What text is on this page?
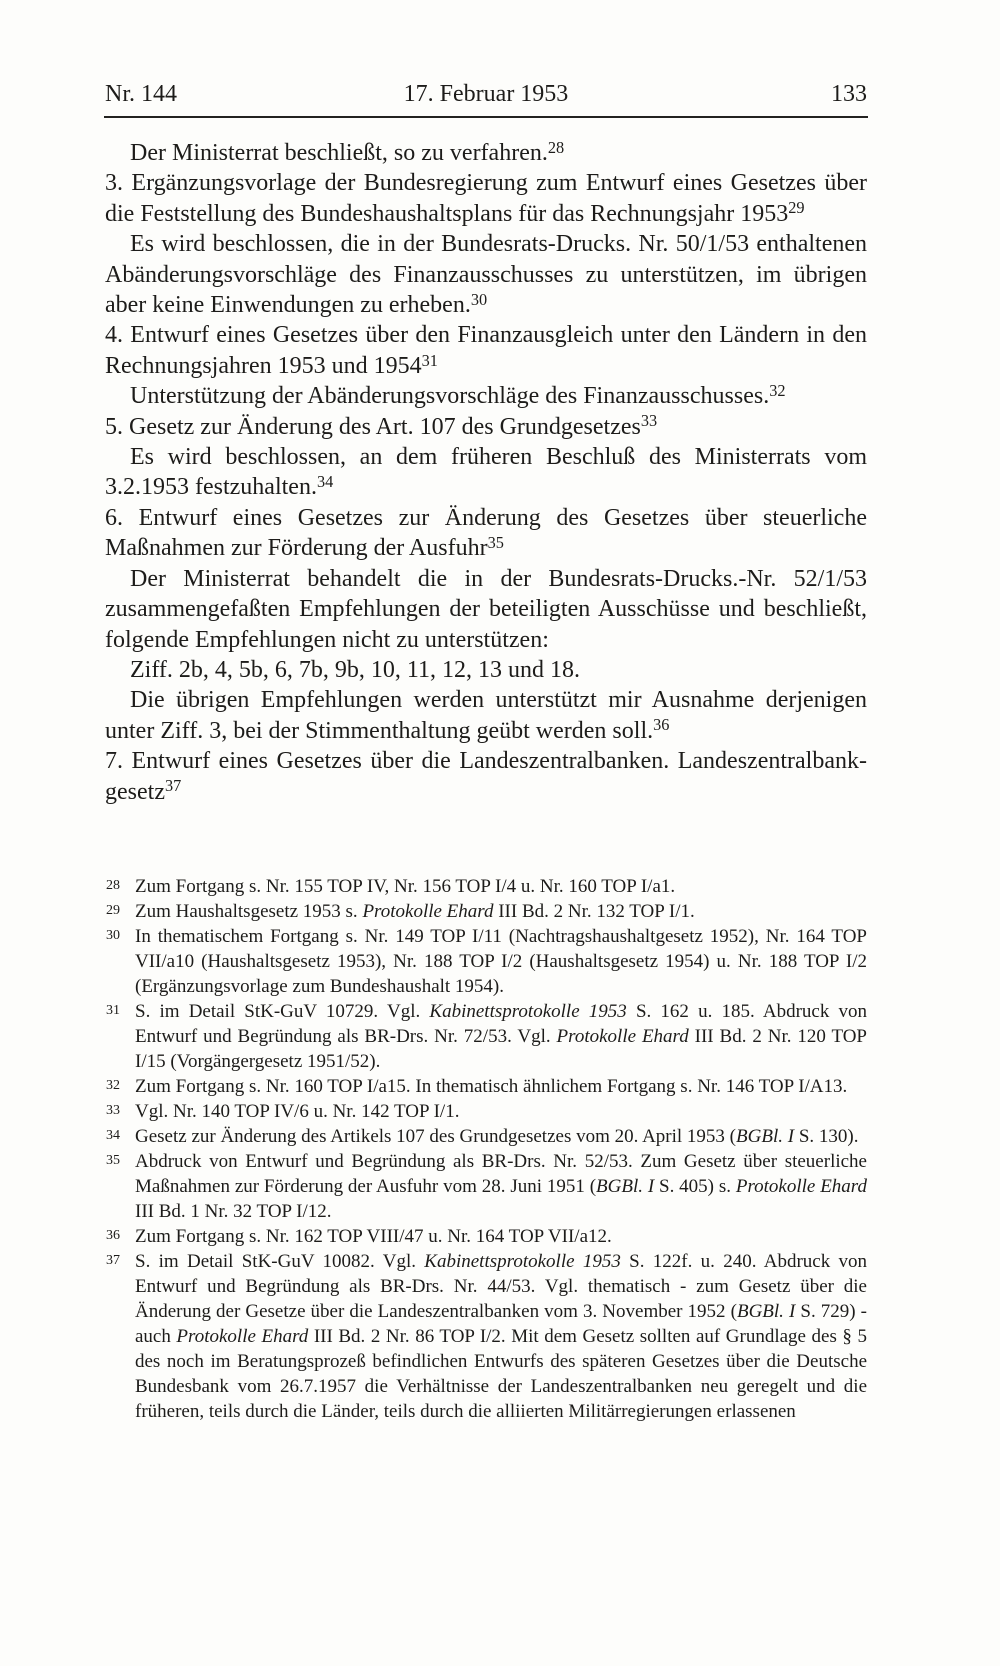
Nr. 144	17. Februar 1953	133

Der Ministerrat beschließt, so zu verfahren.$^{28}$

3. Ergänzungsvorlage der Bundesregierung zum Entwurf eines Gesetzes über die Feststellung des Bundeshaushaltsplans für das Rechnungsjahr 1953$^{29}$

Es wird beschlossen, die in der Bundesrats-Drucks. Nr. 50/1/53 enthaltenen Abänderungsvorschläge des Finanzausschusses zu unterstützen, im übrigen aber keine Einwendungen zu erheben.$^{30}$

4. Entwurf eines Gesetzes über den Finanzausgleich unter den Ländern in den Rechnungsjahren 1953 und 1954$^{31}$

Unterstützung der Abänderungsvorschläge des Finanzausschusses.$^{32}$

5. Gesetz zur Änderung des Art. 107 des Grundgesetzes$^{33}$

Es wird beschlossen, an dem früheren Beschluß des Ministerrats vom 3.2.1953 festzuhalten.$^{34}$

6. Entwurf eines Gesetzes zur Änderung des Gesetzes über steuerliche Maßnahmen zur Förderung der Ausfuhr$^{35}$

Der Ministerrat behandelt die in der Bundesrats-Drucks.-Nr. 52/1/53 zusammengefaßten Empfehlungen der beteiligten Ausschüsse und beschließt, folgende Empfehlungen nicht zu unterstützen:

Ziff. 2b, 4, 5b, 6, 7b, 9b, 10, 11, 12, 13 und 18.

Die übrigen Empfehlungen werden unterstützt mir Ausnahme derjenigen unter Ziff. 3, bei der Stimmenthaltung geübt werden soll.$^{36}$

7. Entwurf eines Gesetzes über die Landeszentralbanken. Landeszentralbankgesetz$^{37}$

28 Zum Fortgang s. Nr. 155 TOP IV, Nr. 156 TOP I/4 u. Nr. 160 TOP I/a1.
29 Zum Haushaltsgesetz 1953 s. Protokolle Ehard III Bd. 2 Nr. 132 TOP I/1.
30 In thematischem Fortgang s. Nr. 149 TOP I/11 (Nachtragshaushaltgesetz 1952), Nr. 164 TOP VII/a10 (Haushaltsgesetz 1953), Nr. 188 TOP I/2 (Haushaltsgesetz 1954) u. Nr. 188 TOP I/2 (Ergänzungsvorlage zum Bundeshaushalt 1954).
31 S. im Detail StK-GuV 10729. Vgl. Kabinettsprotokolle 1953 S. 162 u. 185. Abdruck von Entwurf und Begründung als BR-Drs. Nr. 72/53. Vgl. Protokolle Ehard III Bd. 2 Nr. 120 TOP I/15 (Vorgängergesetz 1951/52).
32 Zum Fortgang s. Nr. 160 TOP I/a15. In thematisch ähnlichem Fortgang s. Nr. 146 TOP I/A13.
33 Vgl. Nr. 140 TOP IV/6 u. Nr. 142 TOP I/1.
34 Gesetz zur Änderung des Artikels 107 des Grundgesetzes vom 20. April 1953 (BGBl. I S. 130).
35 Abdruck von Entwurf und Begründung als BR-Drs. Nr. 52/53. Zum Gesetz über steuerliche Maßnahmen zur Förderung der Ausfuhr vom 28. Juni 1951 (BGBl. I S. 405) s. Protokolle Ehard III Bd. 1 Nr. 32 TOP I/12.
36 Zum Fortgang s. Nr. 162 TOP VIII/47 u. Nr. 164 TOP VII/a12.
37 S. im Detail StK-GuV 10082. Vgl. Kabinettsprotokolle 1953 S. 122f. u. 240. Abdruck von Entwurf und Begründung als BR-Drs. Nr. 44/53. Vgl. thematisch - zum Gesetz über die Änderung der Gesetze über die Landeszentralbanken vom 3. November 1952 (BGBl. I S. 729) - auch Protokolle Ehard III Bd. 2 Nr. 86 TOP I/2. Mit dem Gesetz sollten auf Grundlage des § 5 des noch im Beratungsprozeß befindlichen Entwurfs des späteren Gesetzes über die Deutsche Bundesbank vom 26.7.1957 die Verhältnisse der Landeszentralbanken neu geregelt und die früheren, teils durch die Länder, teils durch die alliierten Militärregierungen erlassenen
